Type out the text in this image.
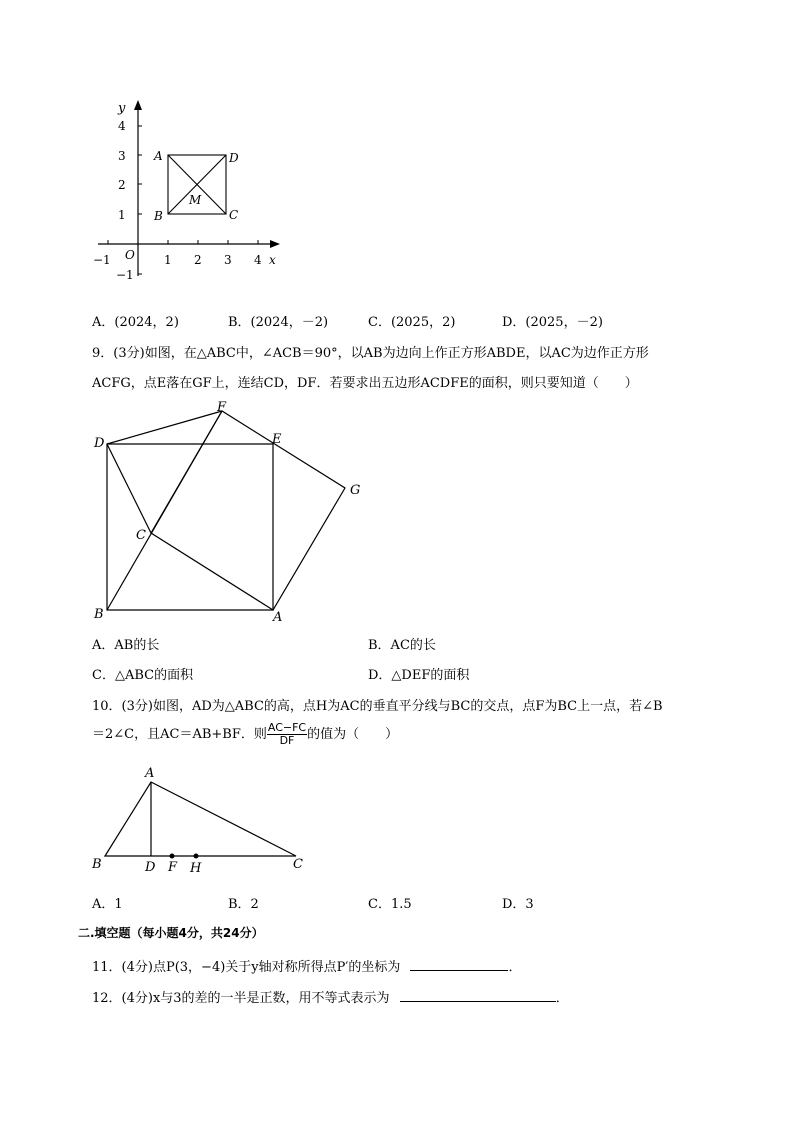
y
x
O
4
3
2
1
−1
−1	1 2 3 4
A	D
B	C
M
A．(2024，2)	B．(2024，－2)	C．(2025，2)	D．(2025，－2)
9．(3分)如图，在△ABC中，∠ACB＝90°，以AB为边向上作正方形ABDE，以AC为边作正方形
ACFG，点E落在GF上，连结CD，DF．若要求出五边形ACDFE的面积，则只要知道（　　）
D
F
E
G
C
B	A
A．AB的长	B．AC的长
C．△ABC的面积	D．△DEF的面积
10．(3分)如图，AD为△ABC的高，点H为AC的垂直平分线与BC的交点，点F为BC上一点，若∠B
＝2∠C，且AC＝AB+BF．则 $\frac{AC-FC}{DF}$ 的值为（　　）
A
B	D F H	C
A．1	B．2	C．1.5	D．3
二.填空题（每小题4分，共24分）
11．(4分)点P(3，−4)关于y轴对称所得点P′的坐标为	．
12．(4分)x与3的差的一半是正数，用不等式表示为	．
